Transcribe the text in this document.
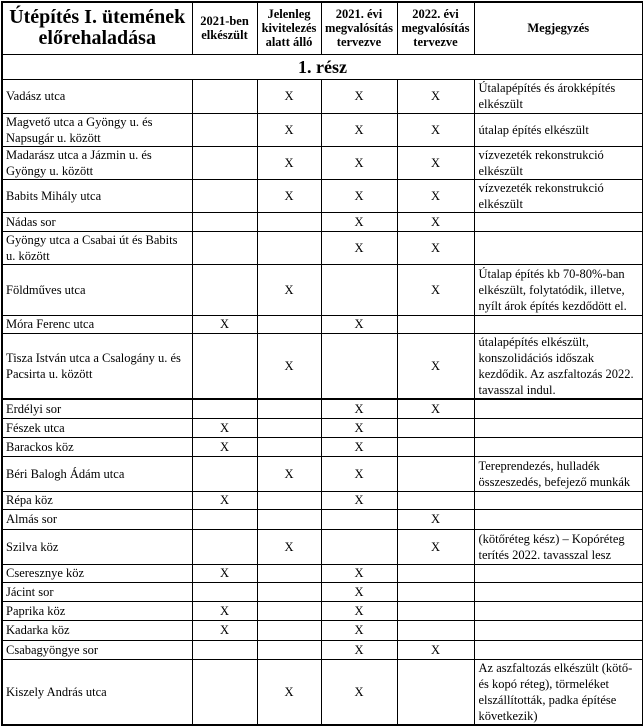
Útépítés I. ütemének előrehaladása	2021-ben elkészült	Jelenleg kivitelezés alatt álló	2021. évi megvalósítás tervezve	2022. évi megvalósítás tervezve	Megjegyzés
1. rész					
Vadász utca		X	X	X	Útalapépítés és árokképítés elkészült
Magvető utca a Gyöngy u. és Napsugár u. között		X	X	X	útalap építés elkészült
Madarász utca a Jázmin u. és Gyöngy u. között		X	X	X	vízvezeték rekonstrukció elkészült
Babits Mihály utca		X	X	X	vízvezeték rekonstrukció elkészült
Nádas sor			X	X	
Gyöngy utca a Csabai út és Babits u. között			X	X	
Földműves utca		X		X	Útalap építés kb 70-80%-ban elkészült, folytatódik, illetve, nyílt árok építés kezdődött el.
Móra Ferenc utca	X		X		
Tisza István utca a Csalogány u. és Pacsirta u. között		X		X	útalapépítés elkészült, konszolidációs időszak kezdődik. Az aszfaltozás 2022. tavasszal indul.
Erdélyi sor			X	X	
Fészek utca	X		X		
Barackos köz	X		X		
Béri Balogh Ádám utca		X	X		Tereprendezés, hulladék összeszedés, befejező munkák
Répa köz	X		X		
Almás sor				X	
Szilva köz		X		X	(kötőréteg kész) – Kopóréteg terítés 2022. tavasszal lesz
Cseresznye köz	X		X		
Jácint sor			X		
Paprika köz	X		X		
Kadarka köz	X		X		
Csabagyöngye sor			X	X	
Kiszely András utca		X	X		Az aszfaltozás elkészült (kötő- és kopó réteg), törmeléket elszállították, padka építése következik)
